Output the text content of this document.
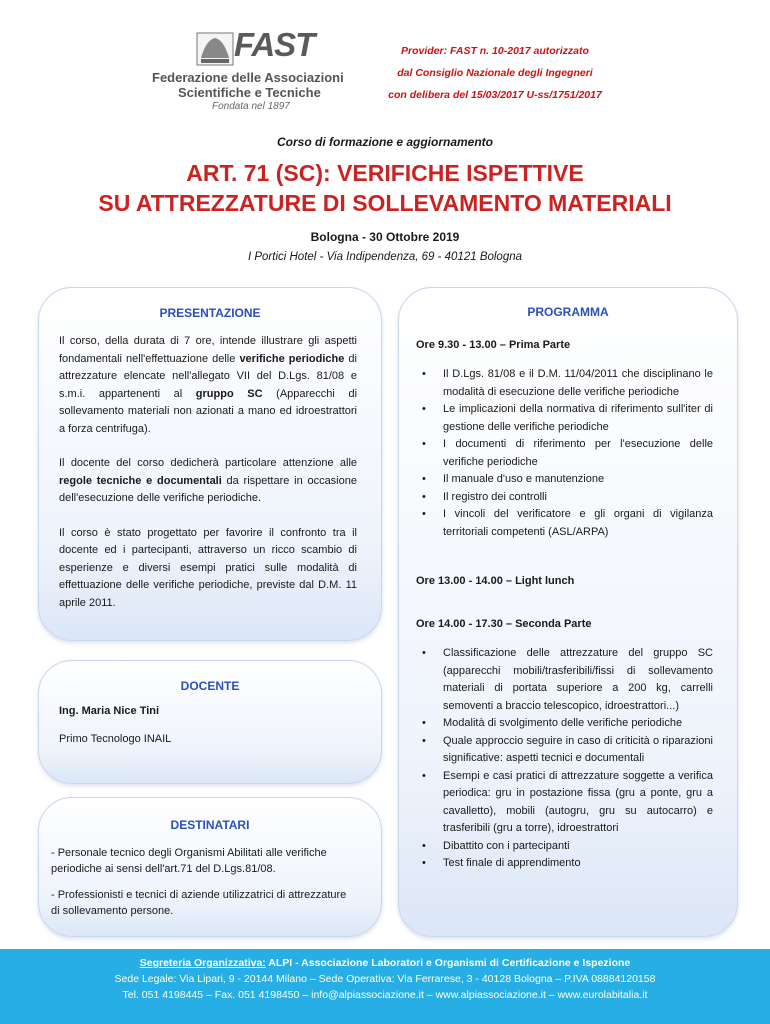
FAST
Federazione delle Associazioni
Scientifiche e Tecniche
Fondata nel 1897
Provider: FAST n. 10-2017 autorizzato
dal Consiglio Nazionale degli Ingegneri
con delibera del 15/03/2017 U-ss/1751/2017
Corso di formazione e aggiornamento
ART. 71 (SC): VERIFICHE ISPETTIVE
SU ATTREZZATURE DI SOLLEVAMENTO MATERIALI
Bologna - 30 Ottobre 2019
I Portici Hotel - Via Indipendenza, 69 - 40121 Bologna
PRESENTAZIONE

Il corso, della durata di 7 ore, intende illustrare gli aspetti fondamentali nell'effettuazione delle verifiche periodiche di attrezzature elencate nell'allegato VII del D.Lgs. 81/08 e s.m.i. appartenenti al gruppo SC (Apparecchi di sollevamento materiali non azionati a mano ed idroestrattori a forza centrifuga).

Il docente del corso dedicherà particolare attenzione alle regole tecniche e documentali da rispettare in occasione dell'esecuzione delle verifiche periodiche.

Il corso è stato progettato per favorire il confronto tra il docente ed i partecipanti, attraverso un ricco scambio di esperienze e diversi esempi pratici sulle modalità di effettuazione delle verifiche periodiche, previste dal D.M. 11 aprile 2011.

DOCENTE
Ing. Maria Nice Tini
Primo Tecnologo INAIL
DESTINATARI

- Personale tecnico degli Organismi Abilitati alle verifiche periodiche ai sensi dell'art.71 del D.Lgs.81/08.

- Professionisti e tecnici di aziende utilizzatrici di attrezzature di sollevamento persone.

PROGRAMMA
Ore 9.30 - 13.00 – Prima Parte
• Il D.Lgs. 81/08 e il D.M. 11/04/2011 che disciplinano le modalità di esecuzione delle verifiche periodiche
• Le implicazioni della normativa di riferimento sull'iter di gestione delle verifiche periodiche
• I documenti di riferimento per l'esecuzione delle verifiche periodiche
• Il manuale d'uso e manutenzione
• Il registro dei controlli
• I vincoli del verificatore e gli organi di vigilanza territoriali competenti (ASL/ARPA)
Ore 13.00 - 14.00 – Light lunch
Ore 14.00 - 17.30 – Seconda Parte
• Classificazione delle attrezzature del gruppo SC (apparecchi mobili/trasferibili/fissi di sollevamento materiali di portata superiore a 200 kg, carrelli semoventi a braccio telescopico, idroestrattori...)
• Modalità di svolgimento delle verifiche periodiche
• Quale approccio seguire in caso di criticità o riparazioni significative: aspetti tecnici e documentali
• Esempi e casi pratici di attrezzature soggette a verifica periodica: gru in postazione fissa (gru a ponte, gru a cavalletto), mobili (autogru, gru su autocarro) e trasferibili (gru a torre), idroestrattori
• Dibattito con i partecipanti
• Test finale di apprendimento
Segreteria Organizzativa: ALPI - Associazione Laboratori e Organismi di Certificazione e Ispezione
Sede Legale: Via Lipari, 9 - 20144 Milano – Sede Operativa: Via Ferrarese, 3 - 40128 Bologna – P.IVA 08884120158
Tel. 051 4198445 – Fax. 051 4198450 – info@alpiassociazione.it – www.alpiassociazione.it – www.eurolabitalia.it
